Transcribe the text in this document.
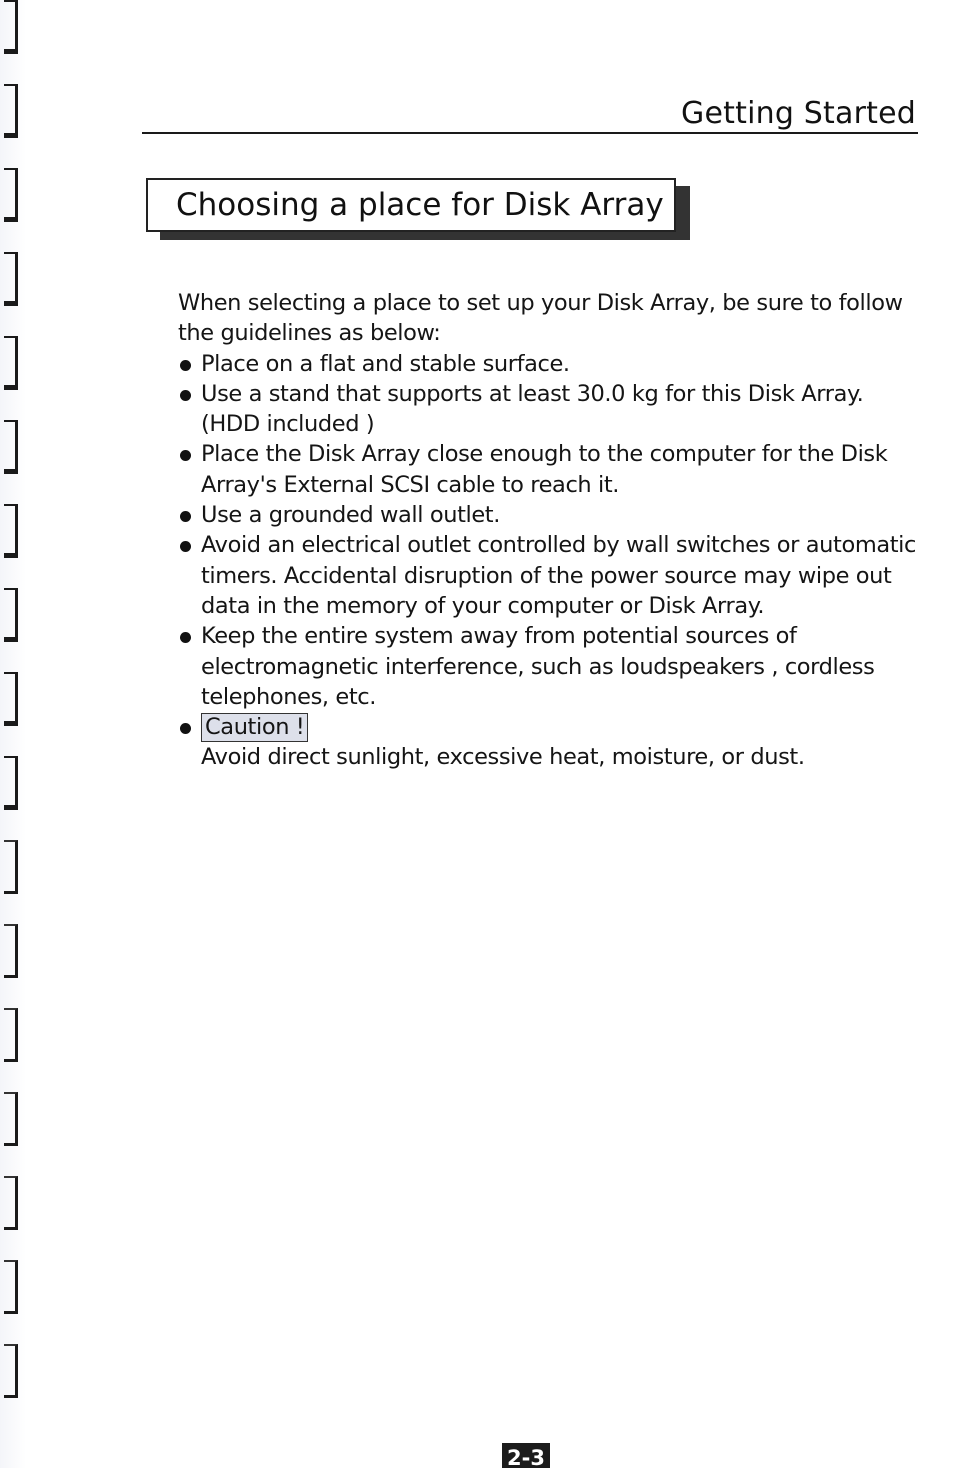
Getting Started
Choosing a place for Disk Array

When selecting a place to set up your Disk Array, be sure to follow the guidelines as below:

Place on a flat and stable surface.
Use a stand that supports at least 30.0 kg for this Disk Array. (HDD included )
Place the Disk Array close enough to the computer for the Disk Array's External SCSI cable to reach it.
Use a grounded wall outlet.
Avoid an electrical outlet controlled by wall switches or automatic timers. Accidental disruption of the power source may wipe out data in the memory of your computer or Disk Array.
Keep the entire system away from potential sources of electromagnetic interference, such as loudspeakers , cordless telephones, etc.
Caution !
Avoid direct sunlight, excessive heat, moisture, or dust.
2-3
